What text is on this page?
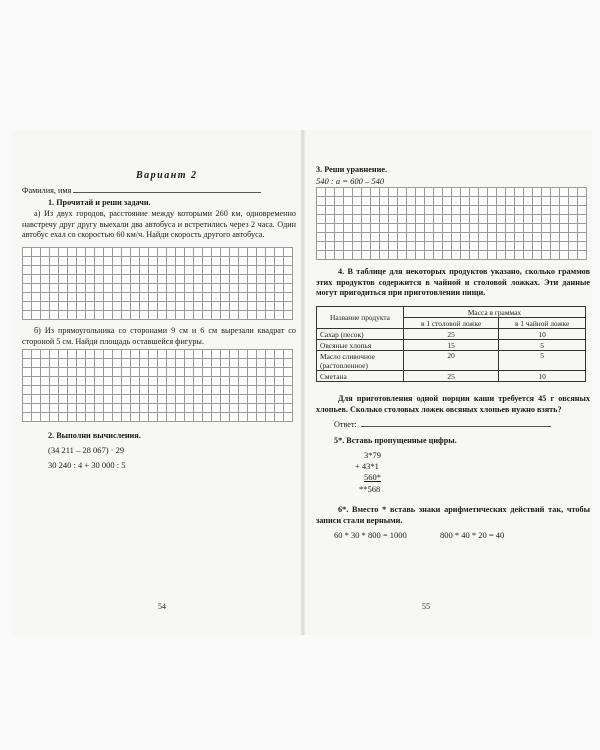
Вариант 2
Фамилия, имя
1. Прочитай и реши задачи.
а) Из двух городов, расстояние между которыми 260 км, одновременно навстречу друг другу выехали два автобуса и встретились через 2 часа. Один автобус ехал со скоростью 60 км/ч. Найди скорость другого автобуса.
б) Из прямоугольника со сторонами 9 см и 6 см вырезали квадрат со стороной 5 см. Найди площадь оставшейся фигуры.
2. Выполни вычисления.
(34 211 – 28 067) · 29
30 240 : 4 + 30 000 : 5
54
3. Реши уравнение.
540 : a = 600 – 540
4. В таблице для некоторых продуктов указано, сколько граммов этих продуктов содержится в чайной и столовой ложках. Эти данные могут пригодиться при приготовлении пищи.
Название продукта	Масса в граммах	
	в 1 столовой ложке	в 1 чайной ложке
Сахар (песок)	25	10
Овсяные хлопья	15	5
Масло сливочное (растопленное)	20	5
Сметана	25	10
Для приготовления одной порции каши требуется 45 г овсяных хлопьев. Сколько столовых ложек овсяных хлопьев нужно взять?
Ответ:
5*. Вставь пропущенные цифры.
3*79
+ 43*1
560*
**568
6*. Вместо * вставь знаки арифметических действий так, чтобы записи стали верными.
60 * 30 * 800 = 1000	800 * 40 * 20 = 40
55
